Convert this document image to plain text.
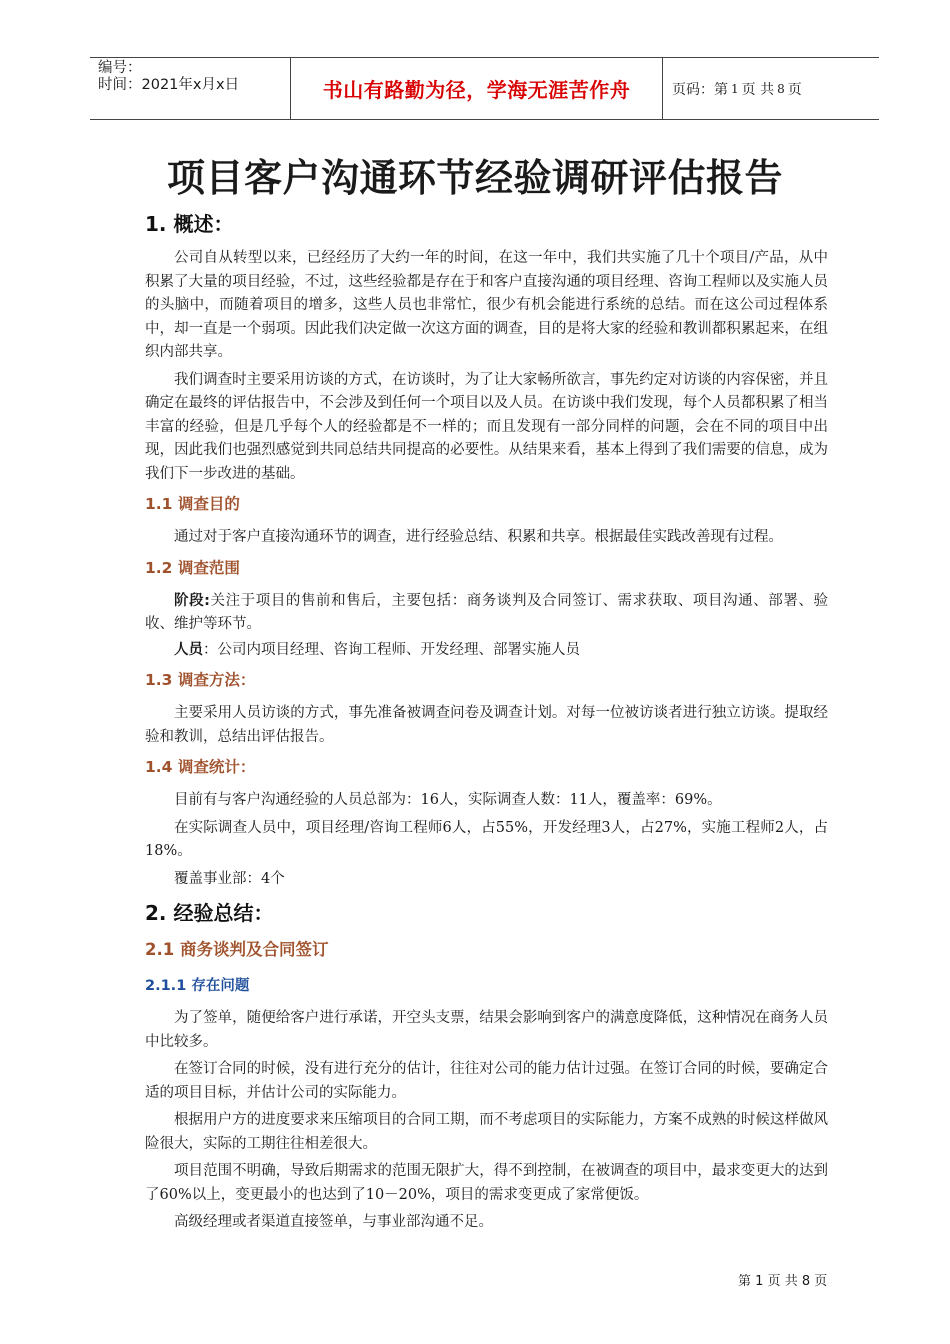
编号：
时间：2021年x月x日	书山有路勤为径，学海无涯苦作舟	页码：第 1 页 共 8 页
项目客户沟通环节经验调研评估报告
1. 概述：

公司自从转型以来，已经经历了大约一年的时间，在这一年中，我们共实施了几十个项目/产品，从中积累了大量的项目经验，不过，这些经验都是存在于和客户直接沟通的项目经理、咨询工程师以及实施人员的头脑中，而随着项目的增多，这些人员也非常忙，很少有机会能进行系统的总结。而在这公司过程体系中，却一直是一个弱项。因此我们决定做一次这方面的调查，目的是将大家的经验和教训都积累起来，在组织内部共享。

我们调查时主要采用访谈的方式，在访谈时，为了让大家畅所欲言，事先约定对访谈的内容保密，并且确定在最终的评估报告中，不会涉及到任何一个项目以及人员。在访谈中我们发现，每个人员都积累了相当丰富的经验，但是几乎每个人的经验都是不一样的；而且发现有一部分同样的问题，会在不同的项目中出现，因此我们也强烈感觉到共同总结共同提高的必要性。从结果来看，基本上得到了我们需要的信息，成为我们下一步改进的基础。

1.1 调查目的

通过对于客户直接沟通环节的调查，进行经验总结、积累和共享。根据最佳实践改善现有过程。

1.2 调查范围

阶段:关注于项目的售前和售后，主要包括：商务谈判及合同签订、需求获取、项目沟通、部署、验收、维护等环节。

人员：公司内项目经理、咨询工程师、开发经理、部署实施人员

1.3 调查方法：

主要采用人员访谈的方式，事先准备被调查问卷及调查计划。对每一位被访谈者进行独立访谈。提取经验和教训，总结出评估报告。

1.4 调查统计：

目前有与客户沟通经验的人员总部为：16人，实际调查人数：11人，覆盖率：69%。

在实际调查人员中，项目经理/咨询工程师6人，占55%，开发经理3人，占27%，实施工程师2人，占18%。

覆盖事业部：4个

2. 经验总结：
2.1 商务谈判及合同签订
2.1.1 存在问题

为了签单，随便给客户进行承诺，开空头支票，结果会影响到客户的满意度降低，这种情况在商务人员中比较多。

在签订合同的时候，没有进行充分的估计，往往对公司的能力估计过强。在签订合同的时候，要确定合适的项目目标，并估计公司的实际能力。

根据用户方的进度要求来压缩项目的合同工期，而不考虑项目的实际能力，方案不成熟的时候这样做风险很大，实际的工期往往相差很大。

项目范围不明确，导致后期需求的范围无限扩大，得不到控制，在被调查的项目中，最求变更大的达到了60%以上，变更最小的也达到了10－20%，项目的需求变更成了家常便饭。

高级经理或者渠道直接签单，与事业部沟通不足。

第 1 页 共 8 页
